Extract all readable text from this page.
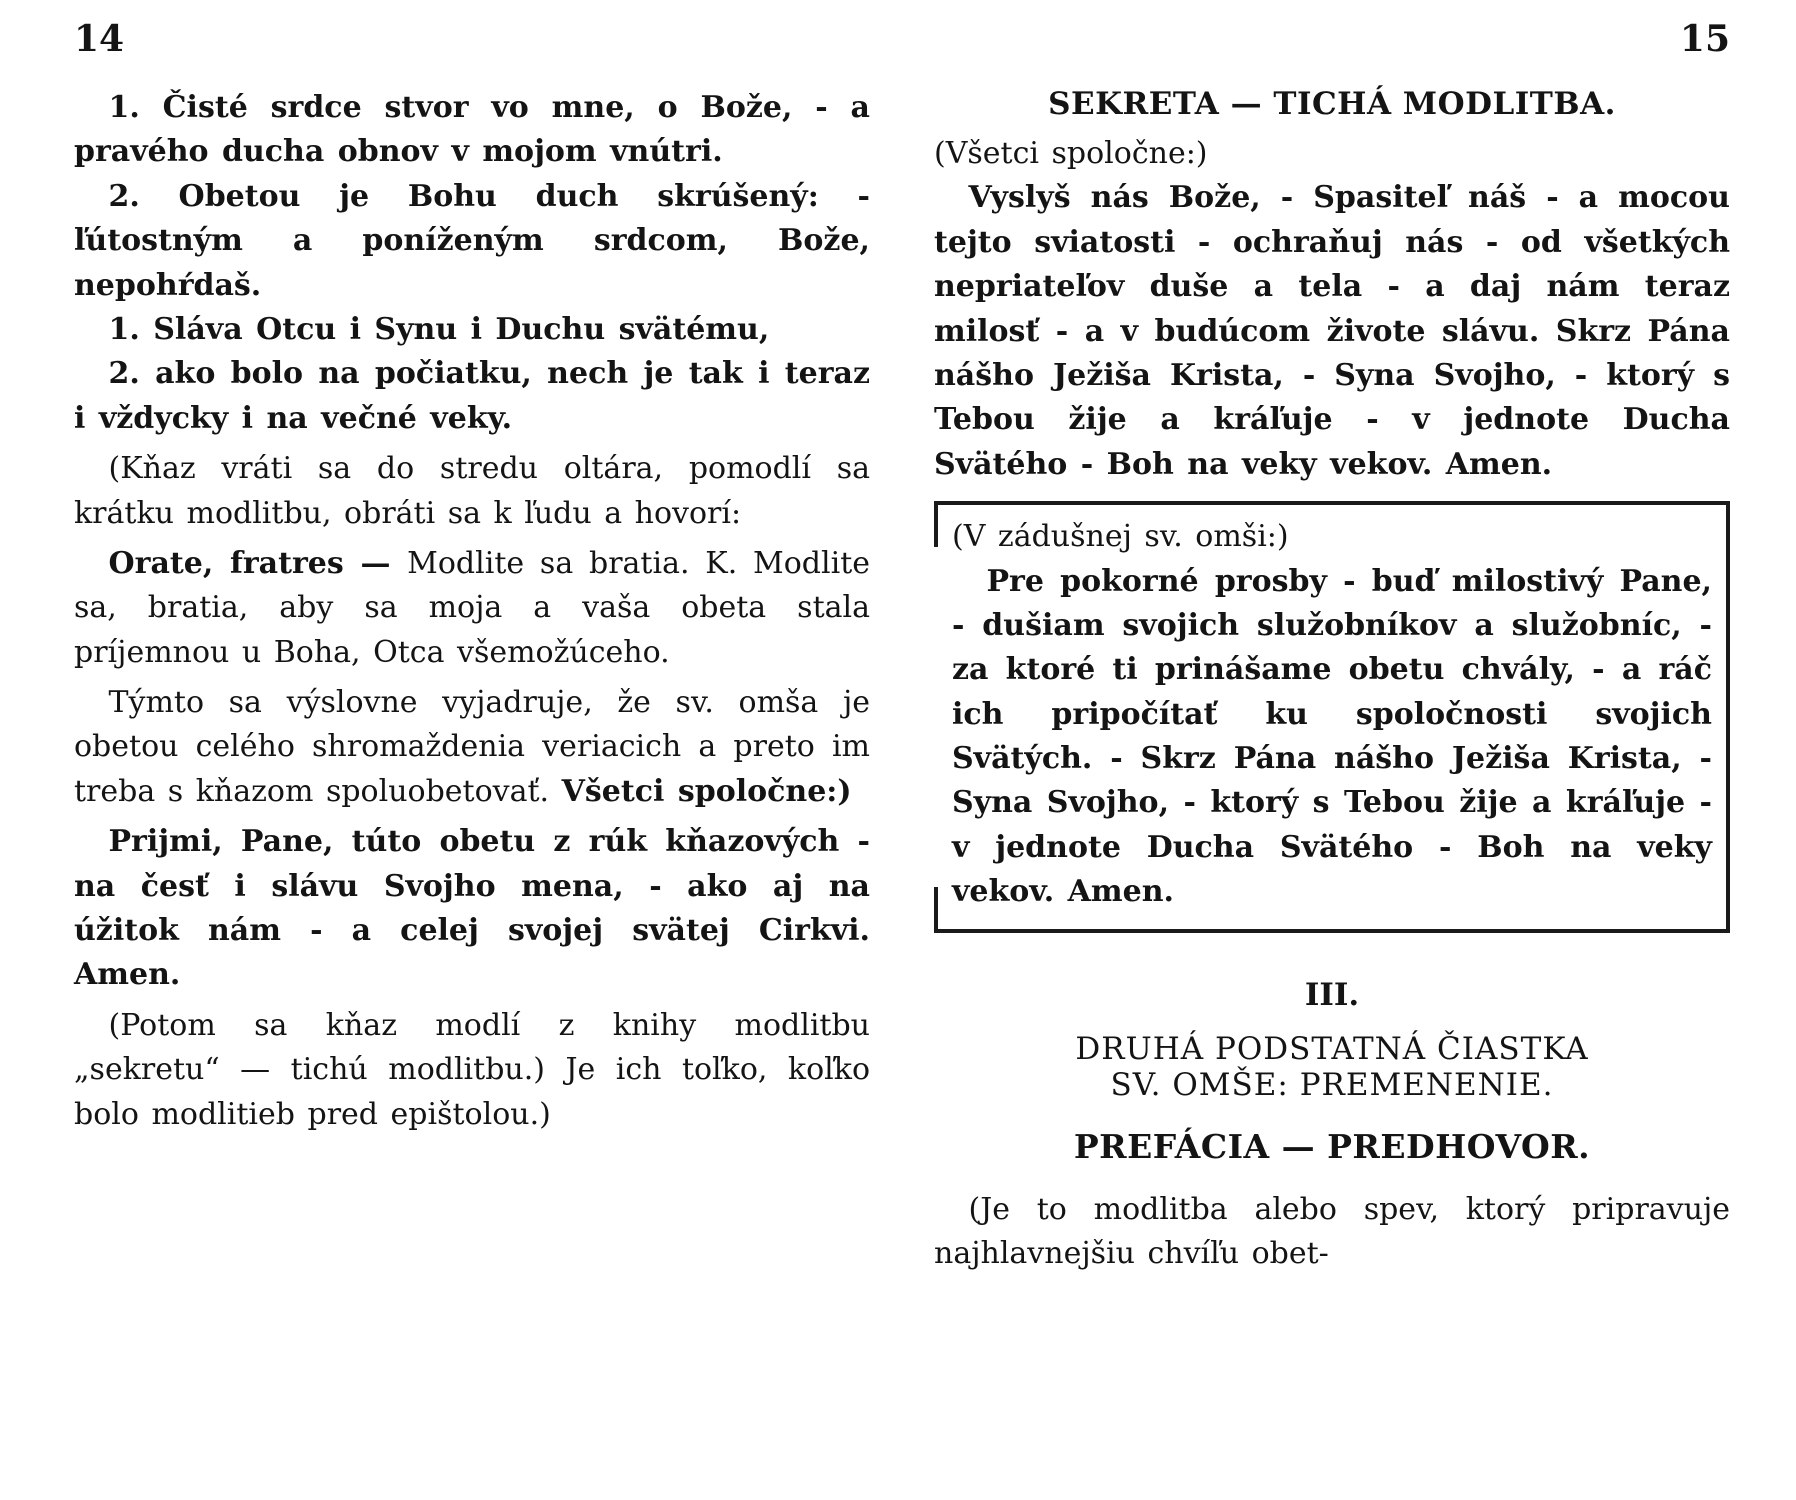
14

1. Čisté srdce stvor vo mne, o Bože, - a pravého ducha obnov v mojom vnútri.

2. Obetou je Bohu duch skrúšený: - ľútostným a poníženým srdcom, Bože, nepohŕdaš.

1. Sláva Otcu i Synu i Duchu svätému,

2. ako bolo na počiatku, nech je tak i teraz i vždycky i na večné veky.

(Kňaz vráti sa do stredu oltára, pomodlí sa krátku modlitbu, obráti sa k ľudu a hovorí:

Orate, fratres — Modlite sa bratia. K. Modlite sa, bratia, aby sa moja a vaša obeta stala príjemnou u Boha, Otca všemožúceho.

Týmto sa výslovne vyjadruje, že sv. omša je obetou celého shromaždenia veriacich a preto im treba s kňazom spoluobetovať. Všetci spoločne:)

Prijmi, Pane, túto obetu z rúk kňazových - na česť i slávu Svojho mena, - ako aj na úžitok nám - a celej svojej svätej Cirkvi. Amen.

(Potom sa kňaz modlí z knihy modlitbu „sekretu“ — tichú modlitbu.) Je ich toľko, koľko bolo modlitieb pred epištolou.)

15
SEKRETA — TICHÁ MODLITBA.

(Všetci spoločne:)

Vyslyš nás Bože, - Spasiteľ náš - a mocou tejto sviatosti - ochraňuj nás - od všetkých nepriateľov duše a tela - a daj nám teraz milosť - a v budúcom živote slávu. Skrz Pána nášho Ježiša Krista, - Syna Svojho, - ktorý s Tebou žije a kráľuje - v jednote Ducha Svätého - Boh na veky vekov. Amen.

(V zádušnej sv. omši:)

Pre pokorné prosby - buď milostivý Pane, - dušiam svojich služobníkov a služobníc, - za ktoré ti prinášame obetu chvály, - a ráč ich pripočítať ku spoločnosti svojich Svätých. - Skrz Pána nášho Ježiša Krista, - Syna Svojho, - ktorý s Tebou žije a kráľuje - v jednote Ducha Svätého - Boh na veky vekov. Amen.

III.

DRUHÁ PODSTATNÁ ČIASTKA

SV. OMŠE: PREMENENIE.

PREFÁCIA — PREDHOVOR.

(Je to modlitba alebo spev, ktorý pripravuje najhlavnejšiu chvíľu obet-
